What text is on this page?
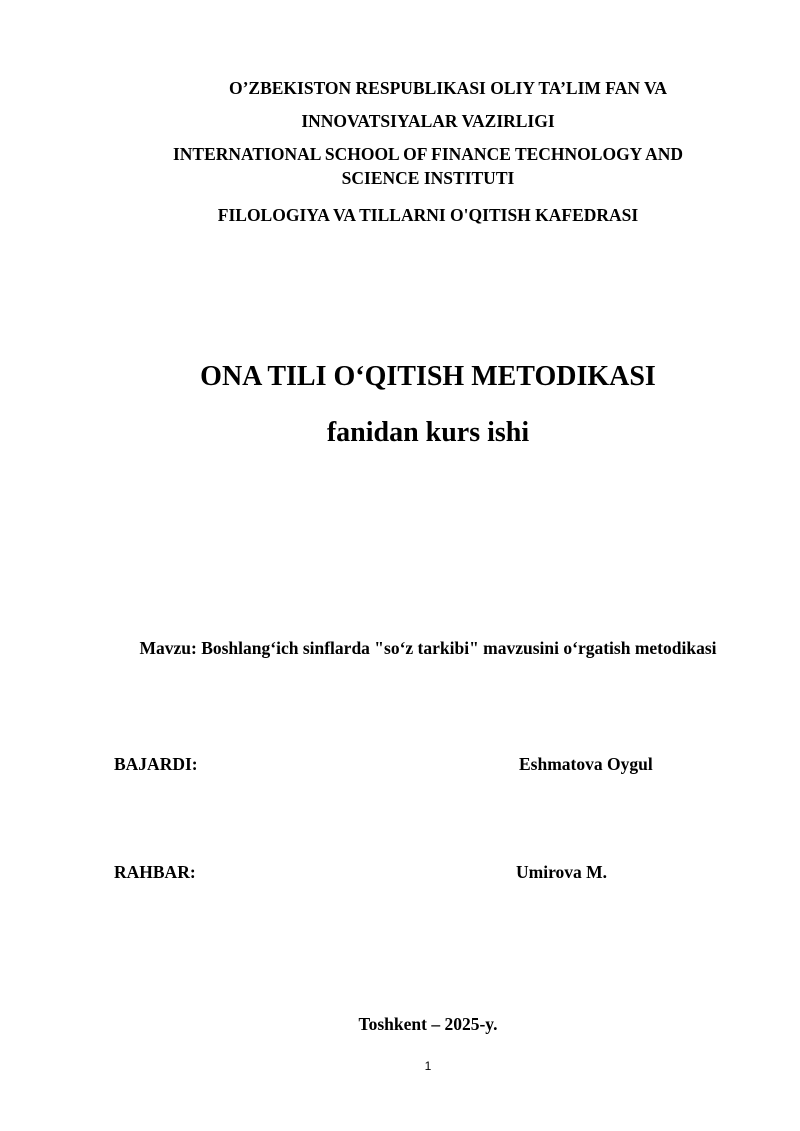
O’ZBEKISTON RESPUBLIKASI OLIY TA’LIM FAN VA

INNOVATSIYALAR VAZIRLIGI

INTERNATIONAL SCHOOL OF FINANCE TECHNOLOGY AND

SCIENCE INSTITUTI

FILOLOGIYA VA TILLARNI O'QITISH KAFEDRASI

ONA TILI O‘QITISH METODIKASI

fanidan kurs ishi

Mavzu: Boshlang‘ich sinflarda "so‘z tarkibi" mavzusini o‘rgatish metodikasi

BAJARDI:	Eshmatova Oygul

RAHBAR:	Umirova M.

Toshkent – 2025-y.

1
